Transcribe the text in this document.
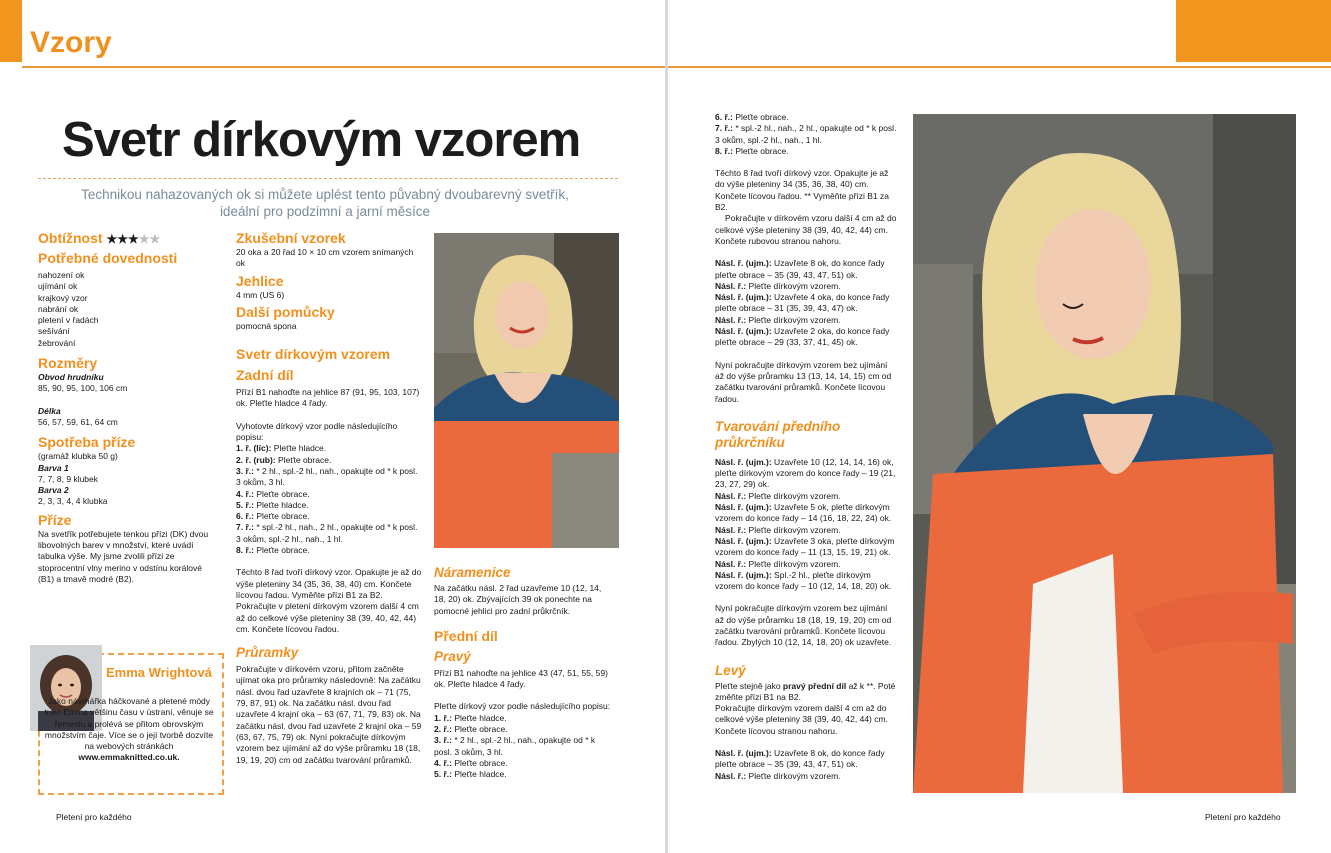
Vzory
Svetr dírkovým vzorem
Technikou nahazovaných ok si můžete uplést tento půvabný dvoubarevný svetřík, ideální pro podzimní a jarní měsíce
Obtížnost ★★★★★
Potřebné dovednosti
nahození ok
ujímání ok
krajkový vzor
nabrání ok
pletení v řadách
sešívání
žebrování
Rozměry
Obvod hrudníku
85, 90, 95, 100, 106 cm
Délka
56, 57, 59, 61, 64 cm
Spotřeba příze
(gramáž klubka 50 g)
Barva 1
7, 7, 8, 9 klubek
Barva 2
2, 3, 3, 4, 4 klubka
Příze
Na svetřík potřebujete tenkou přízi (DK) dvou libovolných barev v množství, které uvádí tabulka výše. My jsme zvolili přízi ze stoprocentní vlny merino v odstínu korálové (B1) a tmavě modré (B2).
Emma Wrightová
Jako návrhářka háčkované a pletené módy tráví Emma většinu času v ústraní, věnuje se řemeslu a prolévá se přitom obrovským množstvím čaje. Více se o její tvorbě dozvíte na webových stránkách www.emmaknitted.co.uk.
Zkušební vzorek
20 oka a 20 řad 10 × 10 cm vzorem snímaných ok
Jehlice
4 mm (US 6)
Další pomůcky
pomocná spona
Svetr dírkovým vzorem
Zadní díl
Přízí B1 nahoďte na jehlice 87 (91, 95, 103, 107) ok. Pleťte hladce 4 řady.
Vyhotovte dírkový vzor podle následujícího popisu:
1. ř. (líc): Pleťte hladce.
2. ř. (rub): Pleťte obrace.
3. ř.: * 2 hl., spl.-2 hl., nah., opakujte od * k posl. 3 okům, 3 hl.
4. ř.: Pleťte obrace.
5. ř.: Pleťte hladce.
6. ř.: Pleťte obrace.
7. ř.: * spl.-2 hl., nah., 2 hl., opakujte od * k posl. 3 okům, spl.-2 hl., nah., 1 hl.
8. ř.: Pleťte obrace.
Těchto 8 řad tvoří dírkový vzor. Opakujte je až do výše pleteniny 34 (35, 36, 38, 40) cm. Končete lícovou řadou. Vyměňte přízi B1 za B2.
Pokračujte v pletení dírkovým vzorem další 4 cm až do celkové výše pleteniny 38 (39, 40, 42, 44) cm. Končete lícovou řadou.
Průramky
Pokračujte v dírkovém vzoru, přitom začněte ujímat oka pro průramky následovně: Na začátku násl. dvou řad uzavřete 8 krajních ok – 71 (75, 79, 87, 91) ok. Na začátku násl. dvou řad uzavřete 4 krajní oka – 63 (67, 71, 79, 83) ok. Na začátku násl. dvou řad uzavřete 2 krajní oka – 59 (63, 67, 75, 79) ok. Nyní pokračujte dírkovým vzorem bez ujímání až do výše průramku 18 (18, 19, 19, 20) cm od začátku tvarování průramků.
Náramenice
Na začátku násl. 2 řad uzavřeme 10 (12, 14, 18, 20) ok. Zbývajících 39 ok ponechte na pomocné jehlici pro zadní průkrčník.
Přední díl
Pravý
Přízí B1 nahoďte na jehlice 43 (47, 51, 55, 59) ok. Pleťte hladce 4 řady.
Pleťte dírkový vzor podle následujícího popisu:
1. ř.: Pleťte hladce.
2. ř.: Pleťte obrace.
3. ř.: * 2 hl., spl.-2 hl., nah., opakujte od * k posl. 3 okům, 3 hl.
4. ř.: Pleťte obrace.
5. ř.: Pleťte hladce.
6. ř.: Pleťte obrace.
7. ř.: * spl.-2 hl., nah., 2 hl., opakujte od * k posl. 3 okům, spl.-2 hl., nah., 1 hl.
8. ř.: Pleťte obrace.
Těchto 8 řad tvoří dírkový vzor. Opakujte je až do výše pleteniny 34 (35, 36, 38, 40) cm. Končete lícovou řadou. ** Vyměňte přízi B1 za B2.
Pokračujte v dírkovém vzoru další 4 cm až do celkové výše pleteniny 38 (39, 40, 42, 44) cm. Končete rubovou stranou nahoru.
Násl. ř. (ujm.): Uzavřete 8 ok, do konce řady pleťte obrace – 35 (39, 43, 47, 51) ok.
Násl. ř.: Pleťte dírkovým vzorem.
Násl. ř. (ujm.): Uzavřete 4 oka, do konce řady pleťte obrace – 31 (35, 39, 43, 47) ok.
Násl. ř.: Pleťte dírkovým vzorem.
Násl. ř. (ujm.): Uzavřete 2 oka, do konce řady pleťte obrace – 29 (33, 37, 41, 45) ok.
Nyní pokračujte dírkovým vzorem bez ujímání až do výše průramku 13 (13, 14, 14, 15) cm od začátku tvarování průramků. Končete lícovou řadou.
Tvarování předního průkrčníku
Násl. ř. (ujm.): Uzavřete 10 (12, 14, 14, 16) ok, pleťte dírkovým vzorem do konce řady – 19 (21, 23, 27, 29) ok.
Násl. ř.: Pleťte dírkovým vzorem.
Násl. ř. (ujm.): Uzavřete 5 ok, pleťte dírkovým vzorem do konce řady – 14 (16, 18, 22, 24) ok.
Násl. ř.: Pleťte dírkovým vzorem.
Násl. ř. (ujm.): Uzavřete 3 oka, pleťte dírkovým vzorem do konce řady – 11 (13, 15, 19, 21) ok.
Násl. ř.: Pleťte dírkovým vzorem.
Násl. ř. (ujm.): Spl.-2 hl., pleťte dírkovým vzorem do konce řady – 10 (12, 14, 18, 20) ok.
Nyní pokračujte dírkovým vzorem bez ujímání až do výše průramku 18 (18, 19, 19, 20) cm od začátku tvarování průramků. Končete lícovou řadou. Zbylých 10 (12, 14, 18, 20) ok uzavřete.
Levý
Pleťte stejně jako pravý přední díl až k **. Poté změňte přízi B1 na B2.
Pokračujte dírkovým vzorem další 4 cm až do celkové výše pleteniny 38 (39, 40, 42, 44) cm. Končete lícovou stranou nahoru.
Násl. ř. (ujm.): Uzavřete 8 ok, do konce řady pleťte obrace – 35 (39, 43, 47, 51) ok.
Násl. ř.: Pleťte dírkovým vzorem.
Pletení pro každého	Pletení pro každého
